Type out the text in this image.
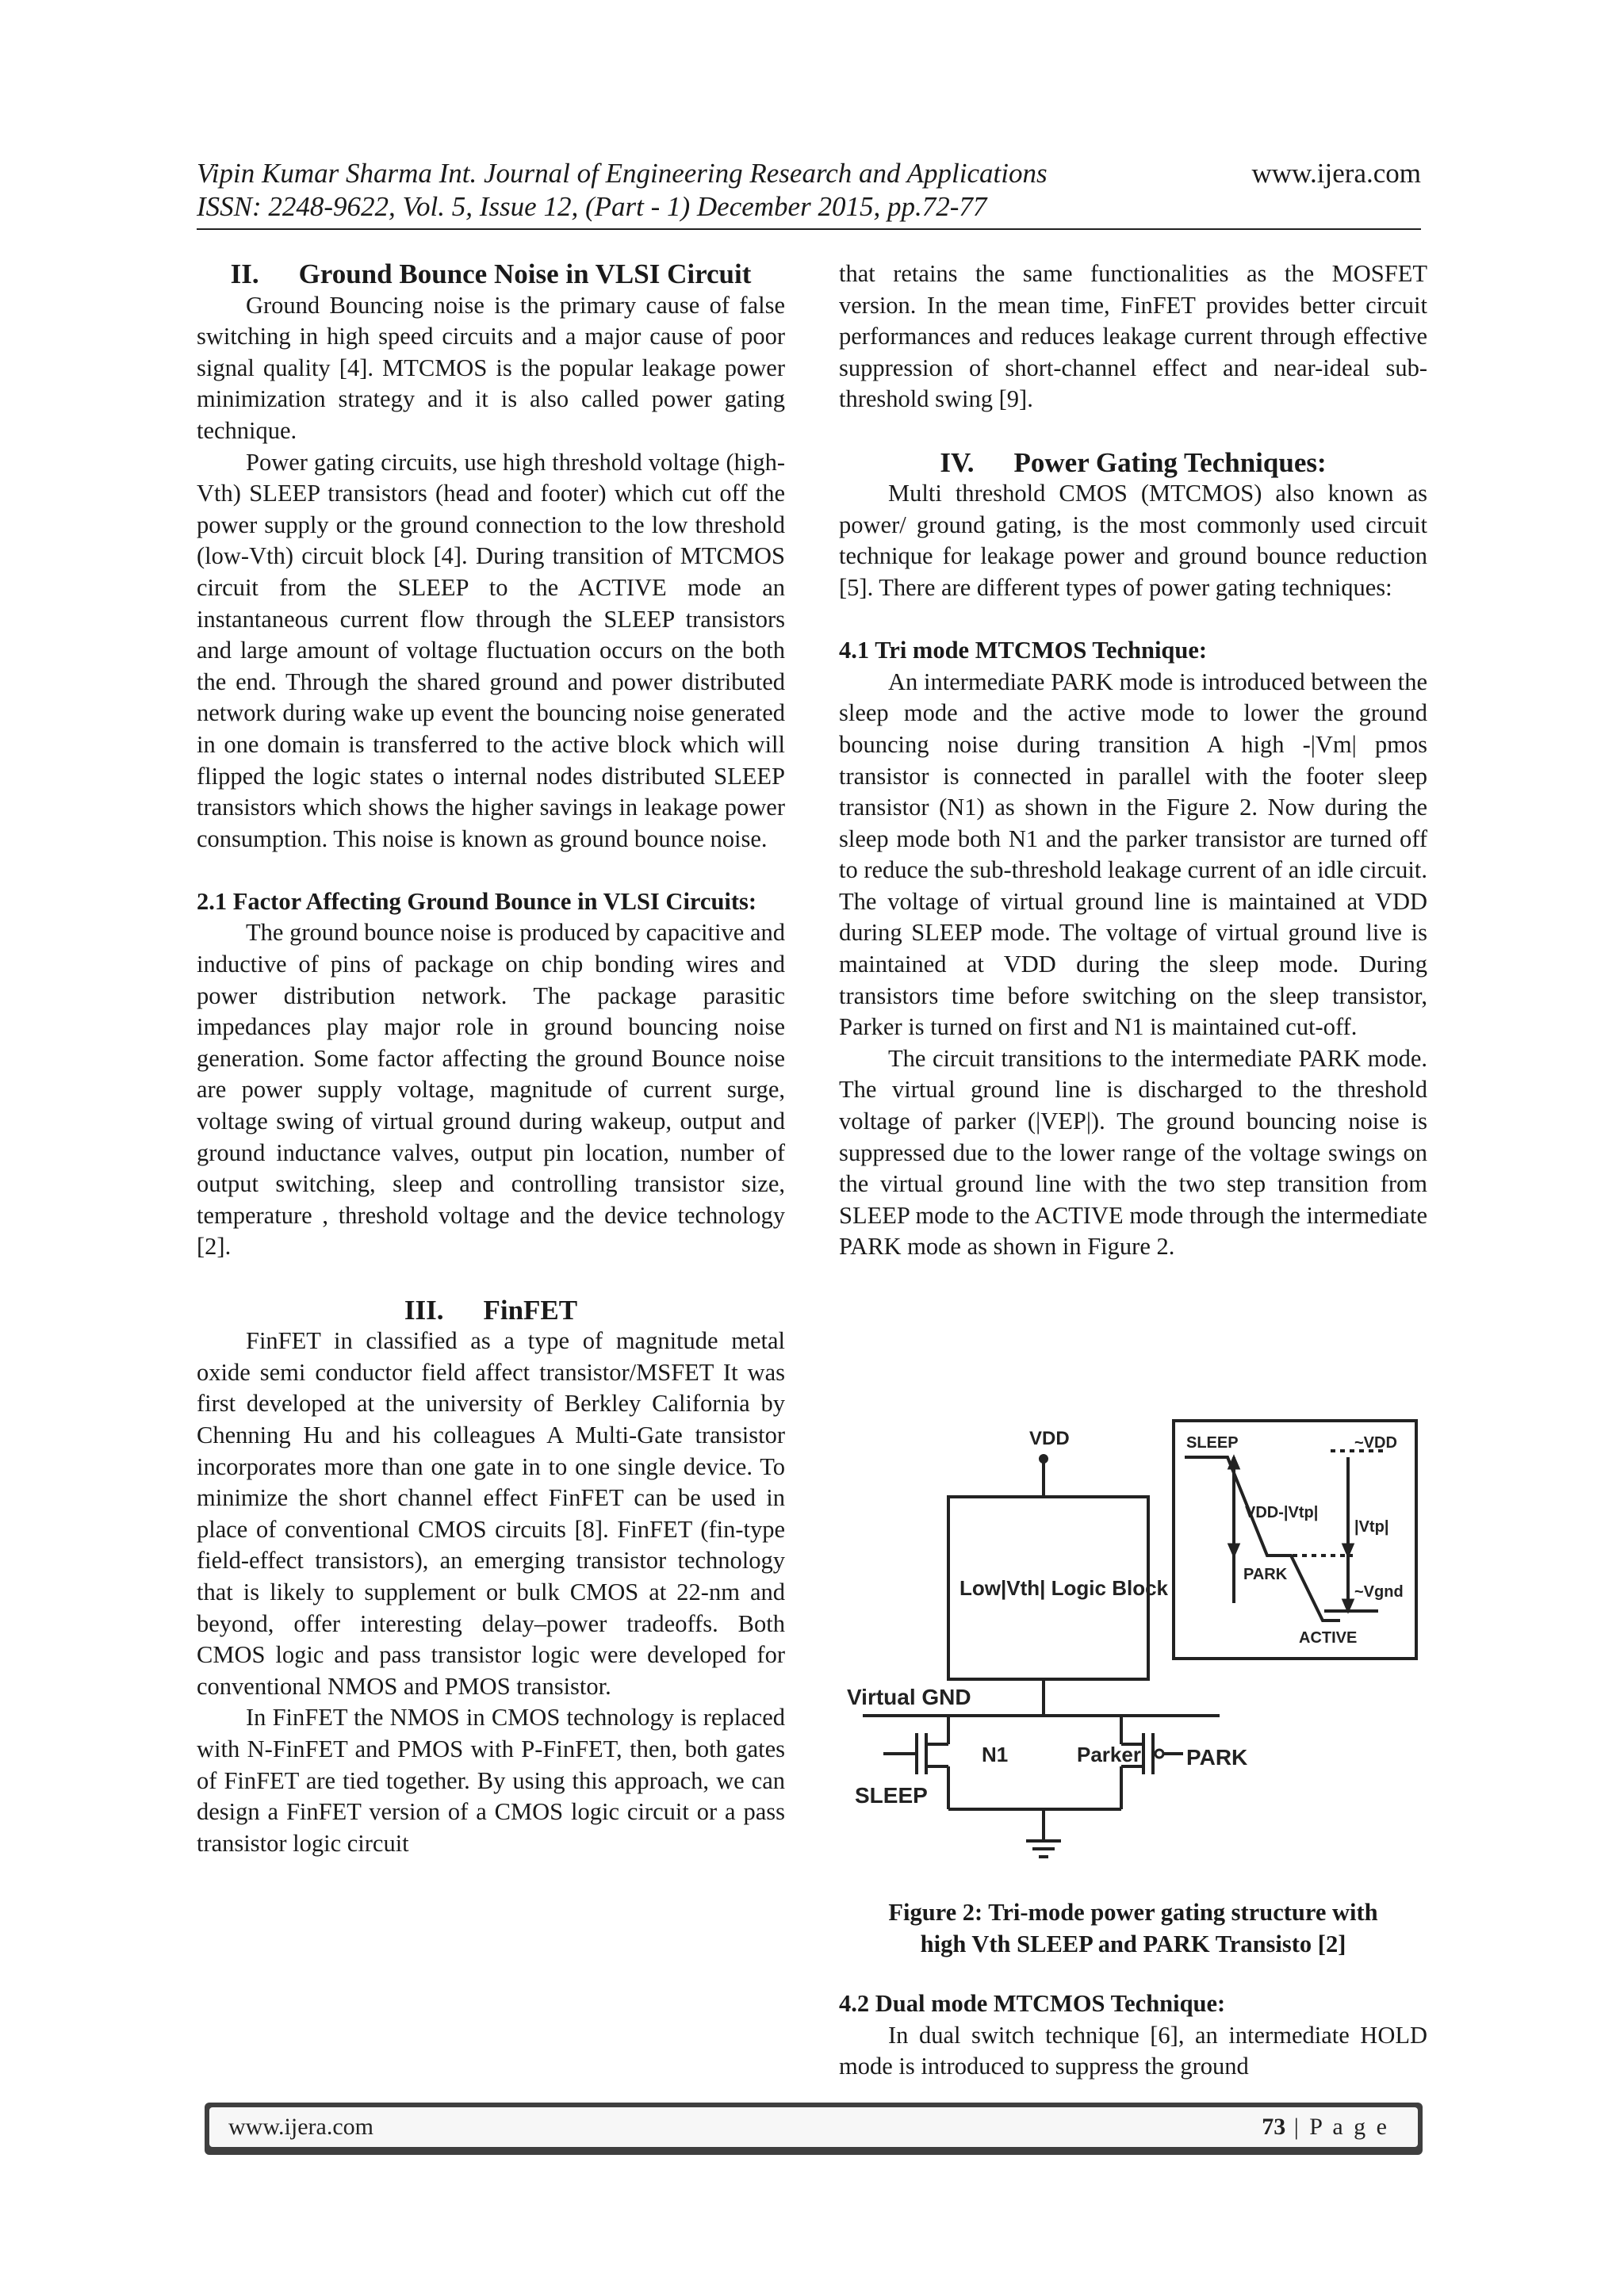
Vipin Kumar Sharma Int. Journal of Engineering Research and Applications
ISSN: 2248-9622, Vol. 5, Issue 12, (Part - 1) December 2015, pp.72-77
www.ijera.com
II. Ground Bounce Noise in VLSI Circuit

Ground Bouncing noise is the primary cause of false switching in high speed circuits and a major cause of poor signal quality [4]. MTCMOS is the popular leakage power minimization strategy and it is also called power gating technique.

Power gating circuits, use high threshold voltage (high-Vth) SLEEP transistors (head and footer) which cut off the power supply or the ground connection to the low threshold (low-Vth) circuit block [4]. During transition of MTCMOS circuit from the SLEEP to the ACTIVE mode an instantaneous current flow through the SLEEP transistors and large amount of voltage fluctuation occurs on the both the end. Through the shared ground and power distributed network during wake up event the bouncing noise generated in one domain is transferred to the active block which will flipped the logic states o internal nodes distributed SLEEP transistors which shows the higher savings in leakage power consumption. This noise is known as ground bounce noise.

2.1 Factor Affecting Ground Bounce in VLSI Circuits:

The ground bounce noise is produced by capacitive and inductive of pins of package on chip bonding wires and power distribution network. The package parasitic impedances play major role in ground bouncing noise generation. Some factor affecting the ground Bounce noise are power supply voltage, magnitude of current surge, voltage swing of virtual ground during wakeup, output and ground inductance valves, output pin location, number of output switching, sleep and controlling transistor size, temperature , threshold voltage and the device technology [2].

III. FinFET

FinFET in classified as a type of magnitude metal oxide semi conductor field affect transistor/MSFET It was first developed at the university of Berkley California by Chenning Hu and his colleagues A Multi-Gate transistor incorporates more than one gate in to one single device. To minimize the short channel effect FinFET can be used in place of conventional CMOS circuits [8]. FinFET (fin-type field-effect transistors), an emerging transistor technology that is likely to supplement or bulk CMOS at 22-nm and beyond, offer interesting delay–power tradeoffs. Both CMOS logic and pass transistor logic were developed for conventional NMOS and PMOS transistor.

In FinFET the NMOS in CMOS technology is replaced with N-FinFET and PMOS with P-FinFET, then, both gates of FinFET are tied together. By using this approach, we can design a FinFET version of a CMOS logic circuit or a pass transistor logic circuit

that retains the same functionalities as the MOSFET version. In the mean time, FinFET provides better circuit performances and reduces leakage current through effective suppression of short-channel effect and near-ideal sub-threshold swing [9].

IV. Power Gating Techniques:

Multi threshold CMOS (MTCMOS) also known as power/ ground gating, is the most commonly used circuit technique for leakage power and ground bounce reduction [5]. There are different types of power gating techniques:

4.1 Tri mode MTCMOS Technique:

An intermediate PARK mode is introduced between the sleep mode and the active mode to lower the ground bouncing noise during transition A high -|Vm| pmos transistor is connected in parallel with the footer sleep transistor (N1) as shown in the Figure 2. Now during the sleep mode both N1 and the parker transistor are turned off to reduce the sub-threshold leakage current of an idle circuit. The voltage of virtual ground line is maintained at VDD during SLEEP mode. The voltage of virtual ground live is maintained at VDD during the sleep mode. During transistors time before switching on the sleep transistor, Parker is turned on first and N1 is maintained cut-off.

The circuit transitions to the intermediate PARK mode. The virtual ground line is discharged to the threshold voltage of parker (|VEP|). The ground bouncing noise is suppressed due to the lower range of the voltage swings on the virtual ground line with the two step transition from SLEEP mode to the ACTIVE mode through the intermediate PARK mode as shown in Figure 2.

VDD
Low|Vth| Logic Block
Virtual GND
N1	Parker
SLEEP
PARK
SLEEP	~VDD
VDD-|Vtp|
|Vtp|
PARK
~Vgnd
ACTIVE
Figure 2: Tri-mode power gating structure with
high Vth SLEEP and PARK Transisto [2]

4.2 Dual mode MTCMOS Technique:

In dual switch technique [6], an intermediate HOLD mode is introduced to suppress the ground

www.ijera.com	73 | P a g e
